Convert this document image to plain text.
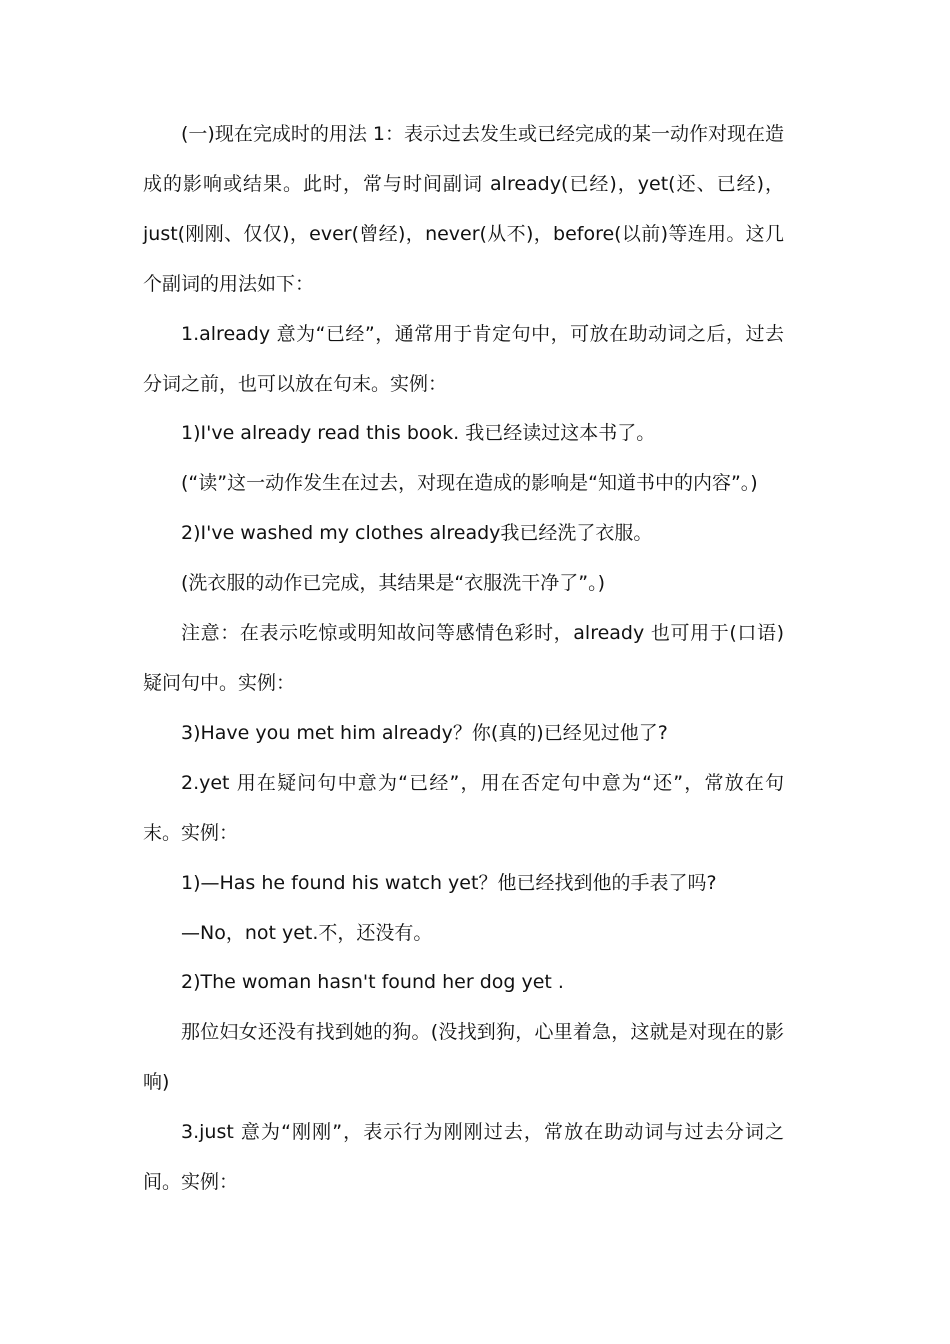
(一)现在完成时的用法 1：表示过去发生或已经完成的某一动作对现在造成的影响或结果。此时，常与时间副词 already(已经)，yet(还、已经)，just(刚刚、仅仅)，ever(曾经)，never(从不)，before(以前)等连用。这几个副词的用法如下：

1.already 意为“已经”，通常用于肯定句中，可放在助动词之后，过去分词之前，也可以放在句末。实例：

1)I've already read this book. 我已经读过这本书了。

(“读”这一动作发生在过去，对现在造成的影响是“知道书中的内容”。)

2)I've washed my clothes already我已经洗了衣服。

(洗衣服的动作已完成，其结果是“衣服洗干净了”。)

注意：在表示吃惊或明知故问等感情色彩时，already 也可用于(口语)疑问句中。实例：

3)Have you met him already？你(真的)已经见过他了?

2.yet 用在疑问句中意为“已经”，用在否定句中意为“还”，常放在句末。实例：

1)—Has he found his watch yet？他已经找到他的手表了吗?

—No，not yet.不，还没有。

2)The woman hasn't found her dog yet .

那位妇女还没有找到她的狗。(没找到狗，心里着急，这就是对现在的影响)

3.just 意为“刚刚”，表示行为刚刚过去，常放在助动词与过去分词之间。实例：
